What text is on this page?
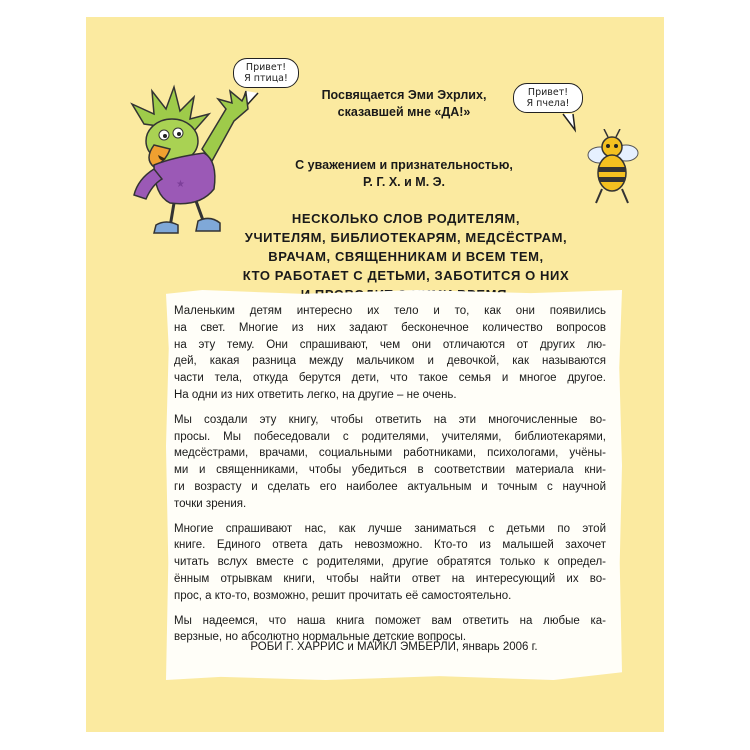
Привет!
Я птица!
★
Привет!
Я пчела!
Посвящается Эми Эхрлих,
сказавшей мне «ДА!»
С уважением и признательностью,
Р. Г. Х. и М. Э.
НЕСКОЛЬКО СЛОВ РОДИТЕЛЯМ,
УЧИТЕЛЯМ, БИБЛИОТЕКАРЯМ, МЕДСЁСТРАМ,
ВРАЧАМ, СВЯЩЕННИКАМ И ВСЕМ ТЕМ,
КТО РАБОТАЕТ С ДЕТЬМИ, ЗАБОТИТСЯ О НИХ

Маленьким детям интересно их тело и то, как они появились
на свет. Многие из них задают бесконечное количество вопросов
на эту тему. Они спрашивают, чем они отличаются от других лю-
дей, какая разница между мальчиком и девочкой, как называются
части тела, откуда берутся дети, что такое семья и многое другое.
На одни из них ответить легко, на другие – не очень.

Мы создали эту книгу, чтобы ответить на эти многочисленные во-
просы. Мы побеседовали с родителями, учителями, библиотекарями,
медсёстрами, врачами, социальными работниками, психологами, учёны-
ми и священниками, чтобы убедиться в соответствии материала кни-
ги возрасту и сделать его наиболее актуальным и точным с научной
точки зрения.

Многие спрашивают нас, как лучше заниматься с детьми по этой
книге. Единого ответа дать невозможно. Кто-то из малышей захочет
читать вслух вместе с родителями, другие обратятся только к определ-
ённым отрывкам книги, чтобы найти ответ на интересующий их во-
прос, а кто-то, возможно, решит прочитать её самостоятельно.

Мы надеемся, что наша книга поможет вам ответить на любые ка-
верзные, но абсолютно нормальные детские вопросы.

РОБИ Г. ХАРРИС и МАЙКЛ ЭМБЕРЛИ, январь 2006 г.
